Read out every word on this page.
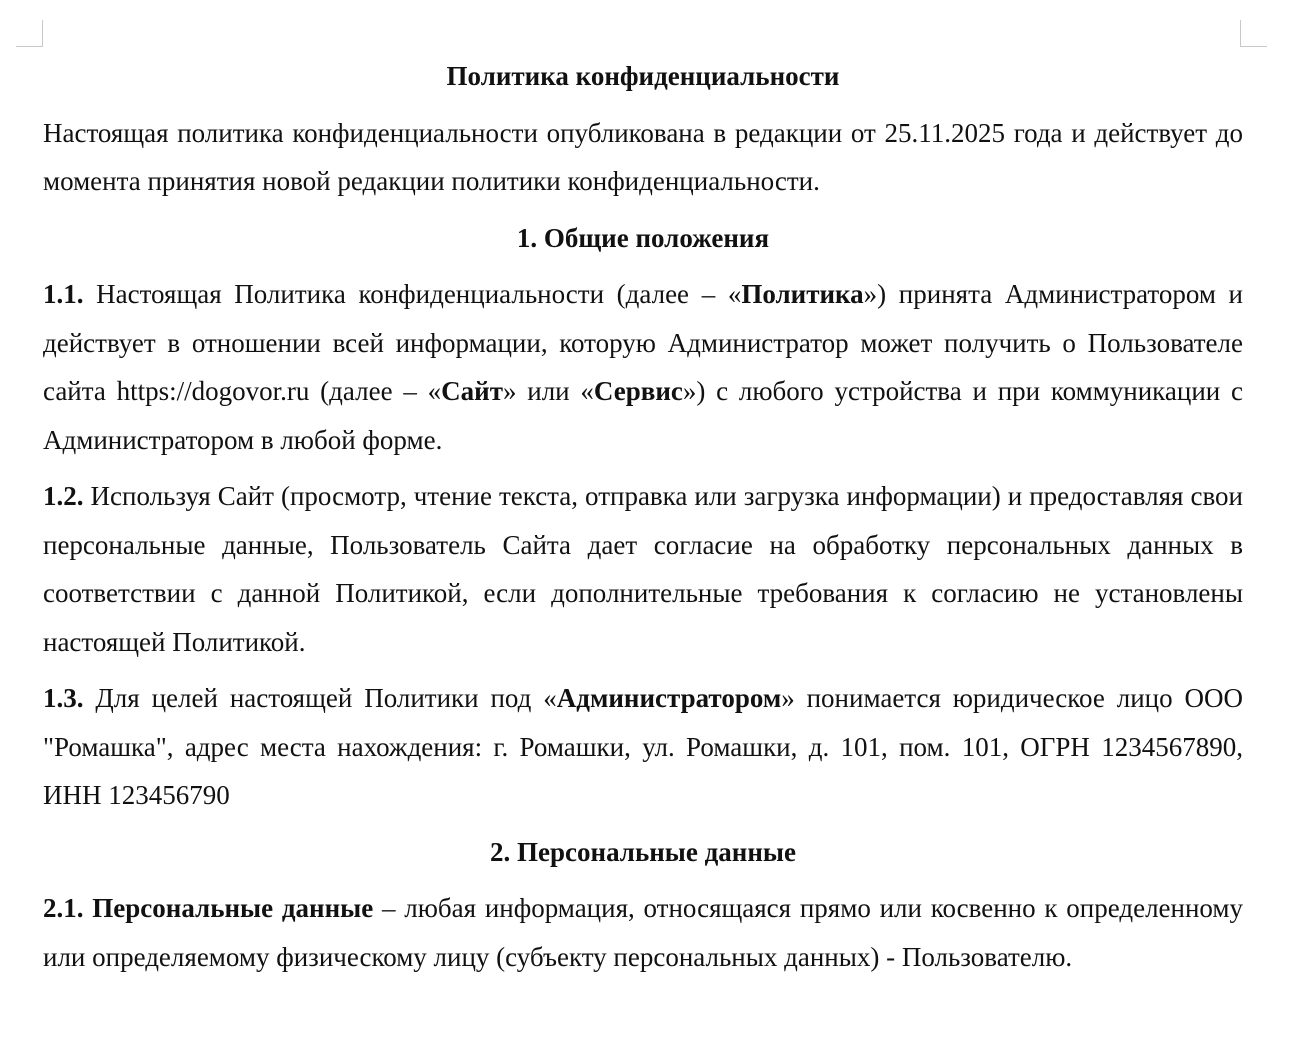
Политика конфиденциальности

Настоящая политика конфиденциальности опубликована в редакции от 25.11.2025 года и действует до момента принятия новой редакции политики конфиденциальности.

1. Общие положения

1.1. Настоящая Политика конфиденциальности (далее – «Политика») принята Администратором и действует в отношении всей информации, которую Администратор может получить о Пользователе сайта https://dogovor.ru (далее – «Сайт» или «Сервис») с любого устройства и при коммуникации с Администратором в любой форме.

1.2. Используя Сайт (просмотр, чтение текста, отправка или загрузка информации) и предоставляя свои персональные данные, Пользователь Сайта дает согласие на обработку персональных данных в соответствии с данной Политикой, если дополнительные требования к согласию не установлены настоящей Политикой.

1.3. Для целей настоящей Политики под «Администратором» понимается юридическое лицо ООО "Ромашка", адрес места нахождения: г. Ромашки, ул. Ромашки, д. 101, пом. 101, ОГРН 1234567890, ИНН 123456790

2. Персональные данные

2.1. Персональные данные – любая информация, относящаяся прямо или косвенно к определенному или определяемому физическому лицу (субъекту персональных данных) - Пользователю.
